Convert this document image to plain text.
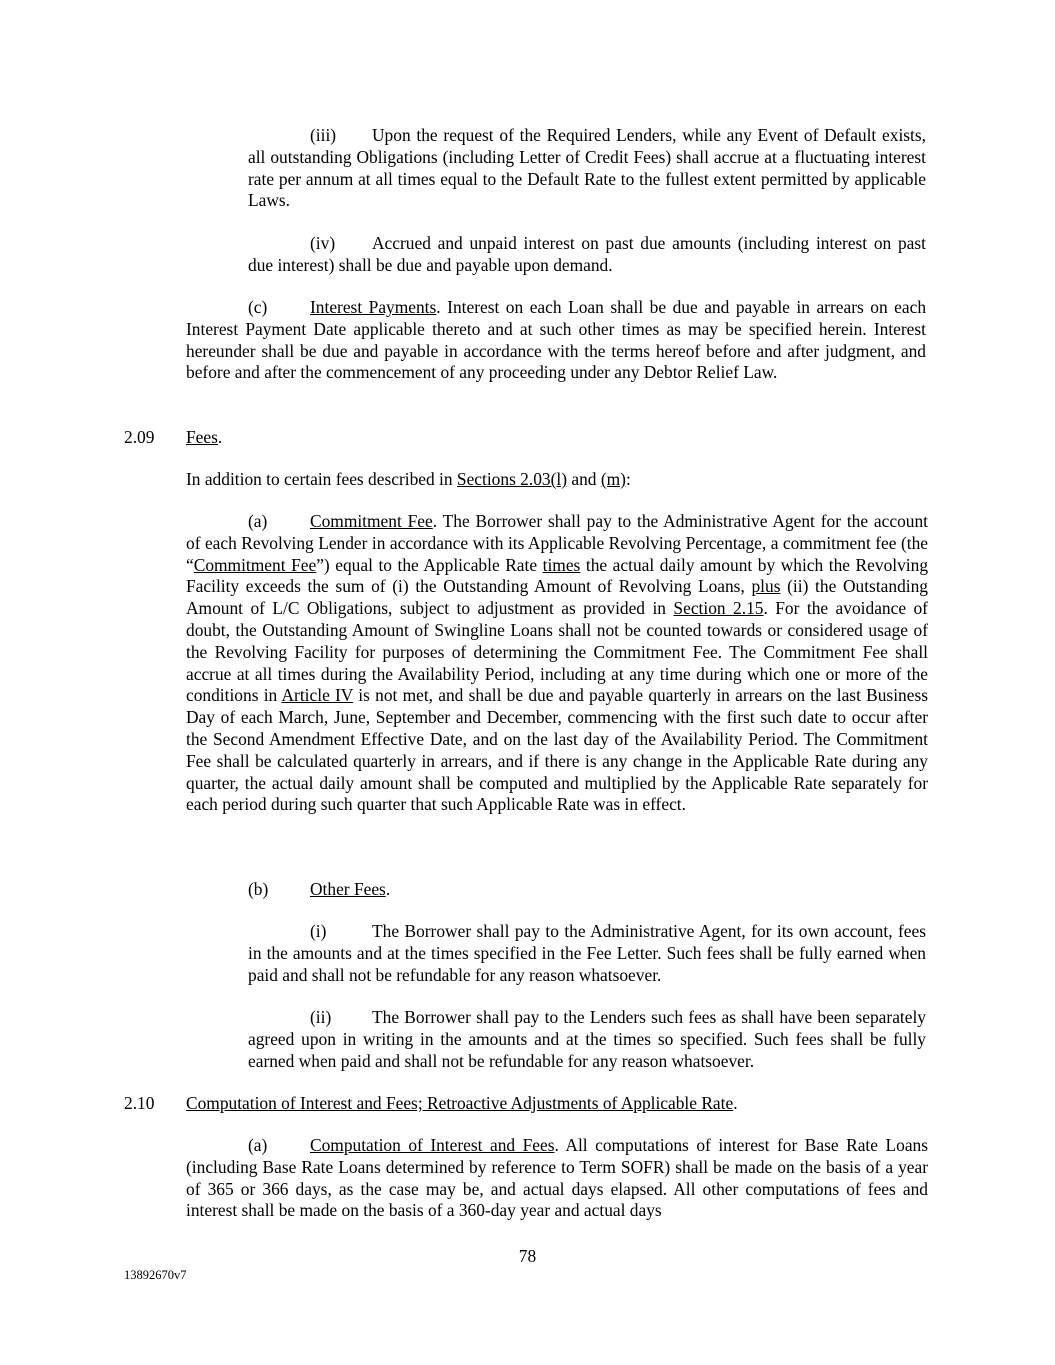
(iii) Upon the request of the Required Lenders, while any Event of Default exists, all outstanding Obligations (including Letter of Credit Fees) shall accrue at a fluctuating interest rate per annum at all times equal to the Default Rate to the fullest extent permitted by applicable Laws.

(iv) Accrued and unpaid interest on past due amounts (including interest on past due interest) shall be due and payable upon demand.

(c) Interest Payments. Interest on each Loan shall be due and payable in arrears on each Interest Payment Date applicable thereto and at such other times as may be specified herein. Interest hereunder shall be due and payable in accordance with the terms hereof before and after judgment, and before and after the commencement of any proceeding under any Debtor Relief Law.

2.09 Fees.
In addition to certain fees described in Sections 2.03(l) and (m):

(a) Commitment Fee. The Borrower shall pay to the Administrative Agent for the account of each Revolving Lender in accordance with its Applicable Revolving Percentage, a commitment fee (the “Commitment Fee”) equal to the Applicable Rate times the actual daily amount by which the Revolving Facility exceeds the sum of (i) the Outstanding Amount of Revolving Loans, plus (ii) the Outstanding Amount of L/C Obligations, subject to adjustment as provided in Section 2.15. For the avoidance of doubt, the Outstanding Amount of Swingline Loans shall not be counted towards or considered usage of the Revolving Facility for purposes of determining the Commitment Fee. The Commitment Fee shall accrue at all times during the Availability Period, including at any time during which one or more of the conditions in Article IV is not met, and shall be due and payable quarterly in arrears on the last Business Day of each March, June, September and December, commencing with the first such date to occur after the Second Amendment Effective Date, and on the last day of the Availability Period. The Commitment Fee shall be calculated quarterly in arrears, and if there is any change in the Applicable Rate during any quarter, the actual daily amount shall be computed and multiplied by the Applicable Rate separately for each period during such quarter that such Applicable Rate was in effect.

(b) Other Fees.

(i)	The Borrower shall pay to the Administrative Agent, for its own account, fees in the amounts and at the times specified in the Fee Letter. Such fees shall be fully earned when paid and shall not be refundable for any reason whatsoever.

(ii) The Borrower shall pay to the Lenders such fees as shall have been separately agreed upon in writing in the amounts and at the times so specified. Such fees shall be fully earned when paid and shall not be refundable for any reason whatsoever.

2.10 Computation of Interest and Fees; Retroactive Adjustments of Applicable Rate.

(a) Computation of Interest and Fees. All computations of interest for Base Rate Loans (including Base Rate Loans determined by reference to Term SOFR) shall be made on the basis of a year of 365 or 366 days, as the case may be, and actual days elapsed. All other computations of fees and interest shall be made on the basis of a 360-day year and actual days

78
13892670v7
